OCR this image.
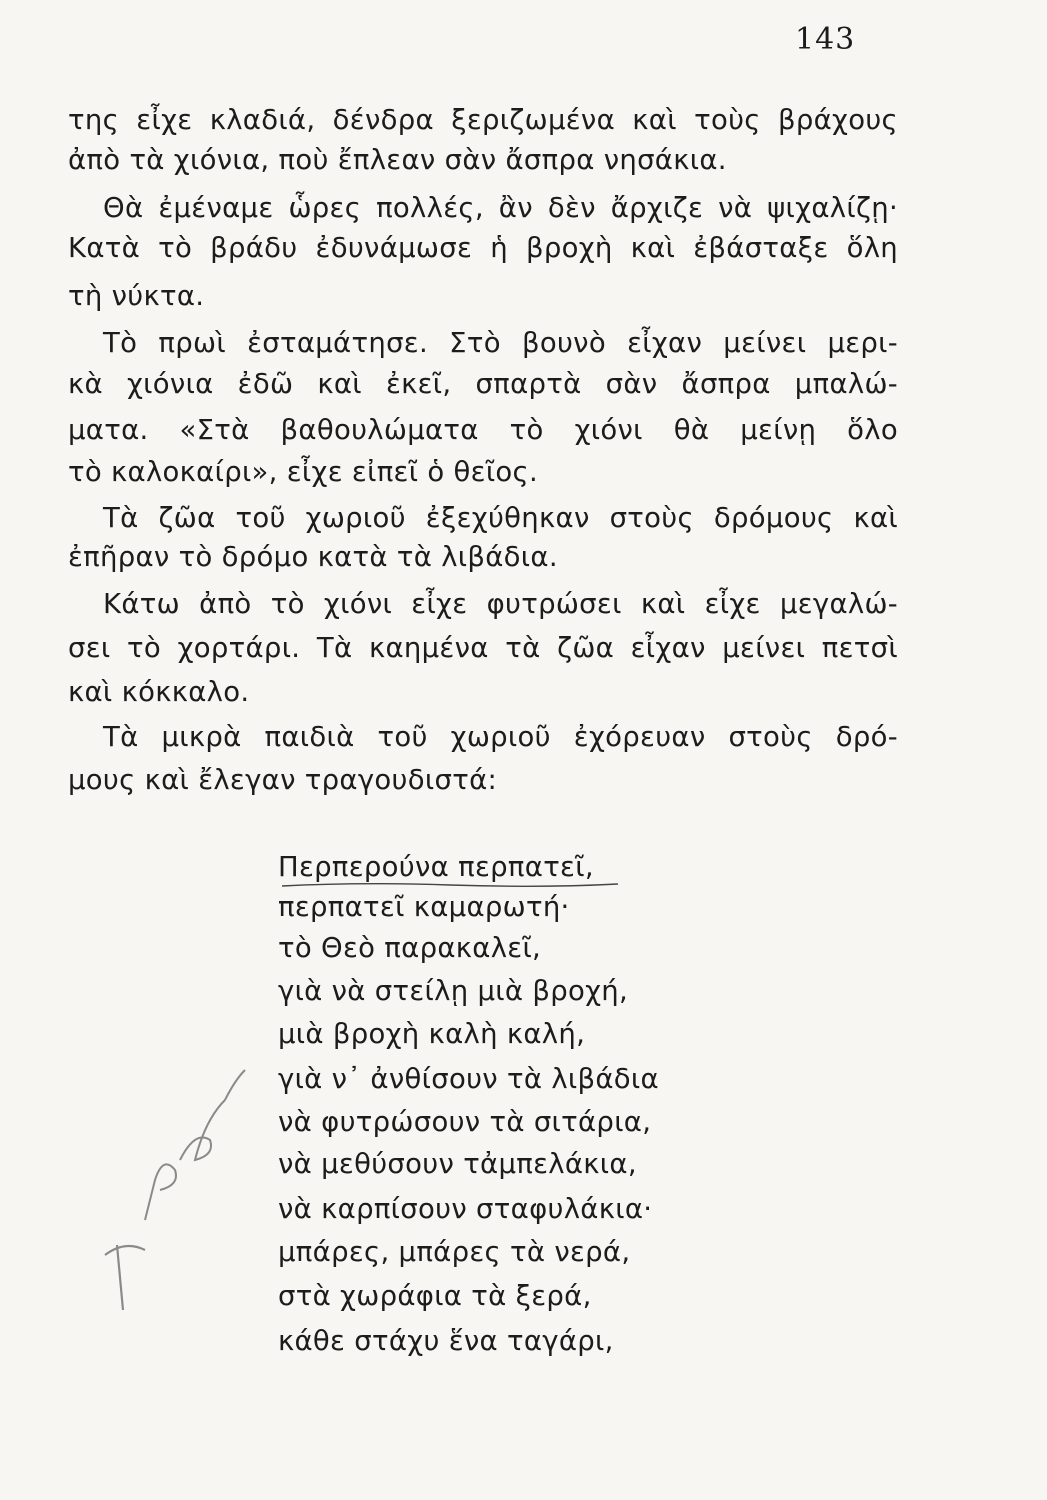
143
της εἶχε κλαδιά, δένδρα ξεριζωμένα καὶ τοὺς βράχους
ἀπὸ τὰ χιόνια, ποὺ ἔπλεαν σὰν ἄσπρα νησάκια.
Θὰ ἐμέναμε ὧρες πολλές, ἂν δὲν ἄρχιζε νὰ ψιχαλίζῃ·
Κατὰ τὸ βράδυ ἐδυνάμωσε ἡ βροχὴ καὶ ἐβάσταξε ὅλη
τὴ νύκτα.
Τὸ πρωὶ ἐσταμάτησε. Στὸ βουνὸ εἶχαν μείνει μερι-
κὰ χιόνια ἐδῶ καὶ ἐκεῖ, σπαρτὰ σὰν ἄσπρα μπαλώ-
ματα. «Στὰ βαθουλώματα τὸ χιόνι θὰ μείνῃ ὅλο
τὸ καλοκαίρι», εἶχε εἰπεῖ ὁ θεῖος.
Τὰ ζῶα τοῦ χωριοῦ ἐξεχύθηκαν στοὺς δρόμους καὶ
ἐπῆραν τὸ δρόμο κατὰ τὰ λιβάδια.
Κάτω ἀπὸ τὸ χιόνι εἶχε φυτρώσει καὶ εἶχε μεγαλώ-
σει τὸ χορτάρι. Τὰ καημένα τὰ ζῶα εἶχαν μείνει πετσὶ
καὶ κόκκαλο.
Τὰ μικρὰ παιδιὰ τοῦ χωριοῦ ἐχόρευαν στοὺς δρό-
μους καὶ ἔλεγαν τραγουδιστά:
Περπερούνα περπατεῖ,
περπατεῖ καμαρωτή·
τὸ Θεὸ παρακαλεῖ,
γιὰ νὰ στείλῃ μιὰ βροχή,
μιὰ βροχὴ καλὴ καλή,
γιὰ ν᾿ ἀνθίσουν τὰ λιβάδια
νὰ φυτρώσουν τὰ σιτάρια,
νὰ μεθύσουν τἀμπελάκια,
νὰ καρπίσουν σταφυλάκια·
μπάρες, μπάρες τὰ νερά,
στὰ χωράφια τὰ ξερά,
κάθε στάχυ ἕνα ταγάρι,
